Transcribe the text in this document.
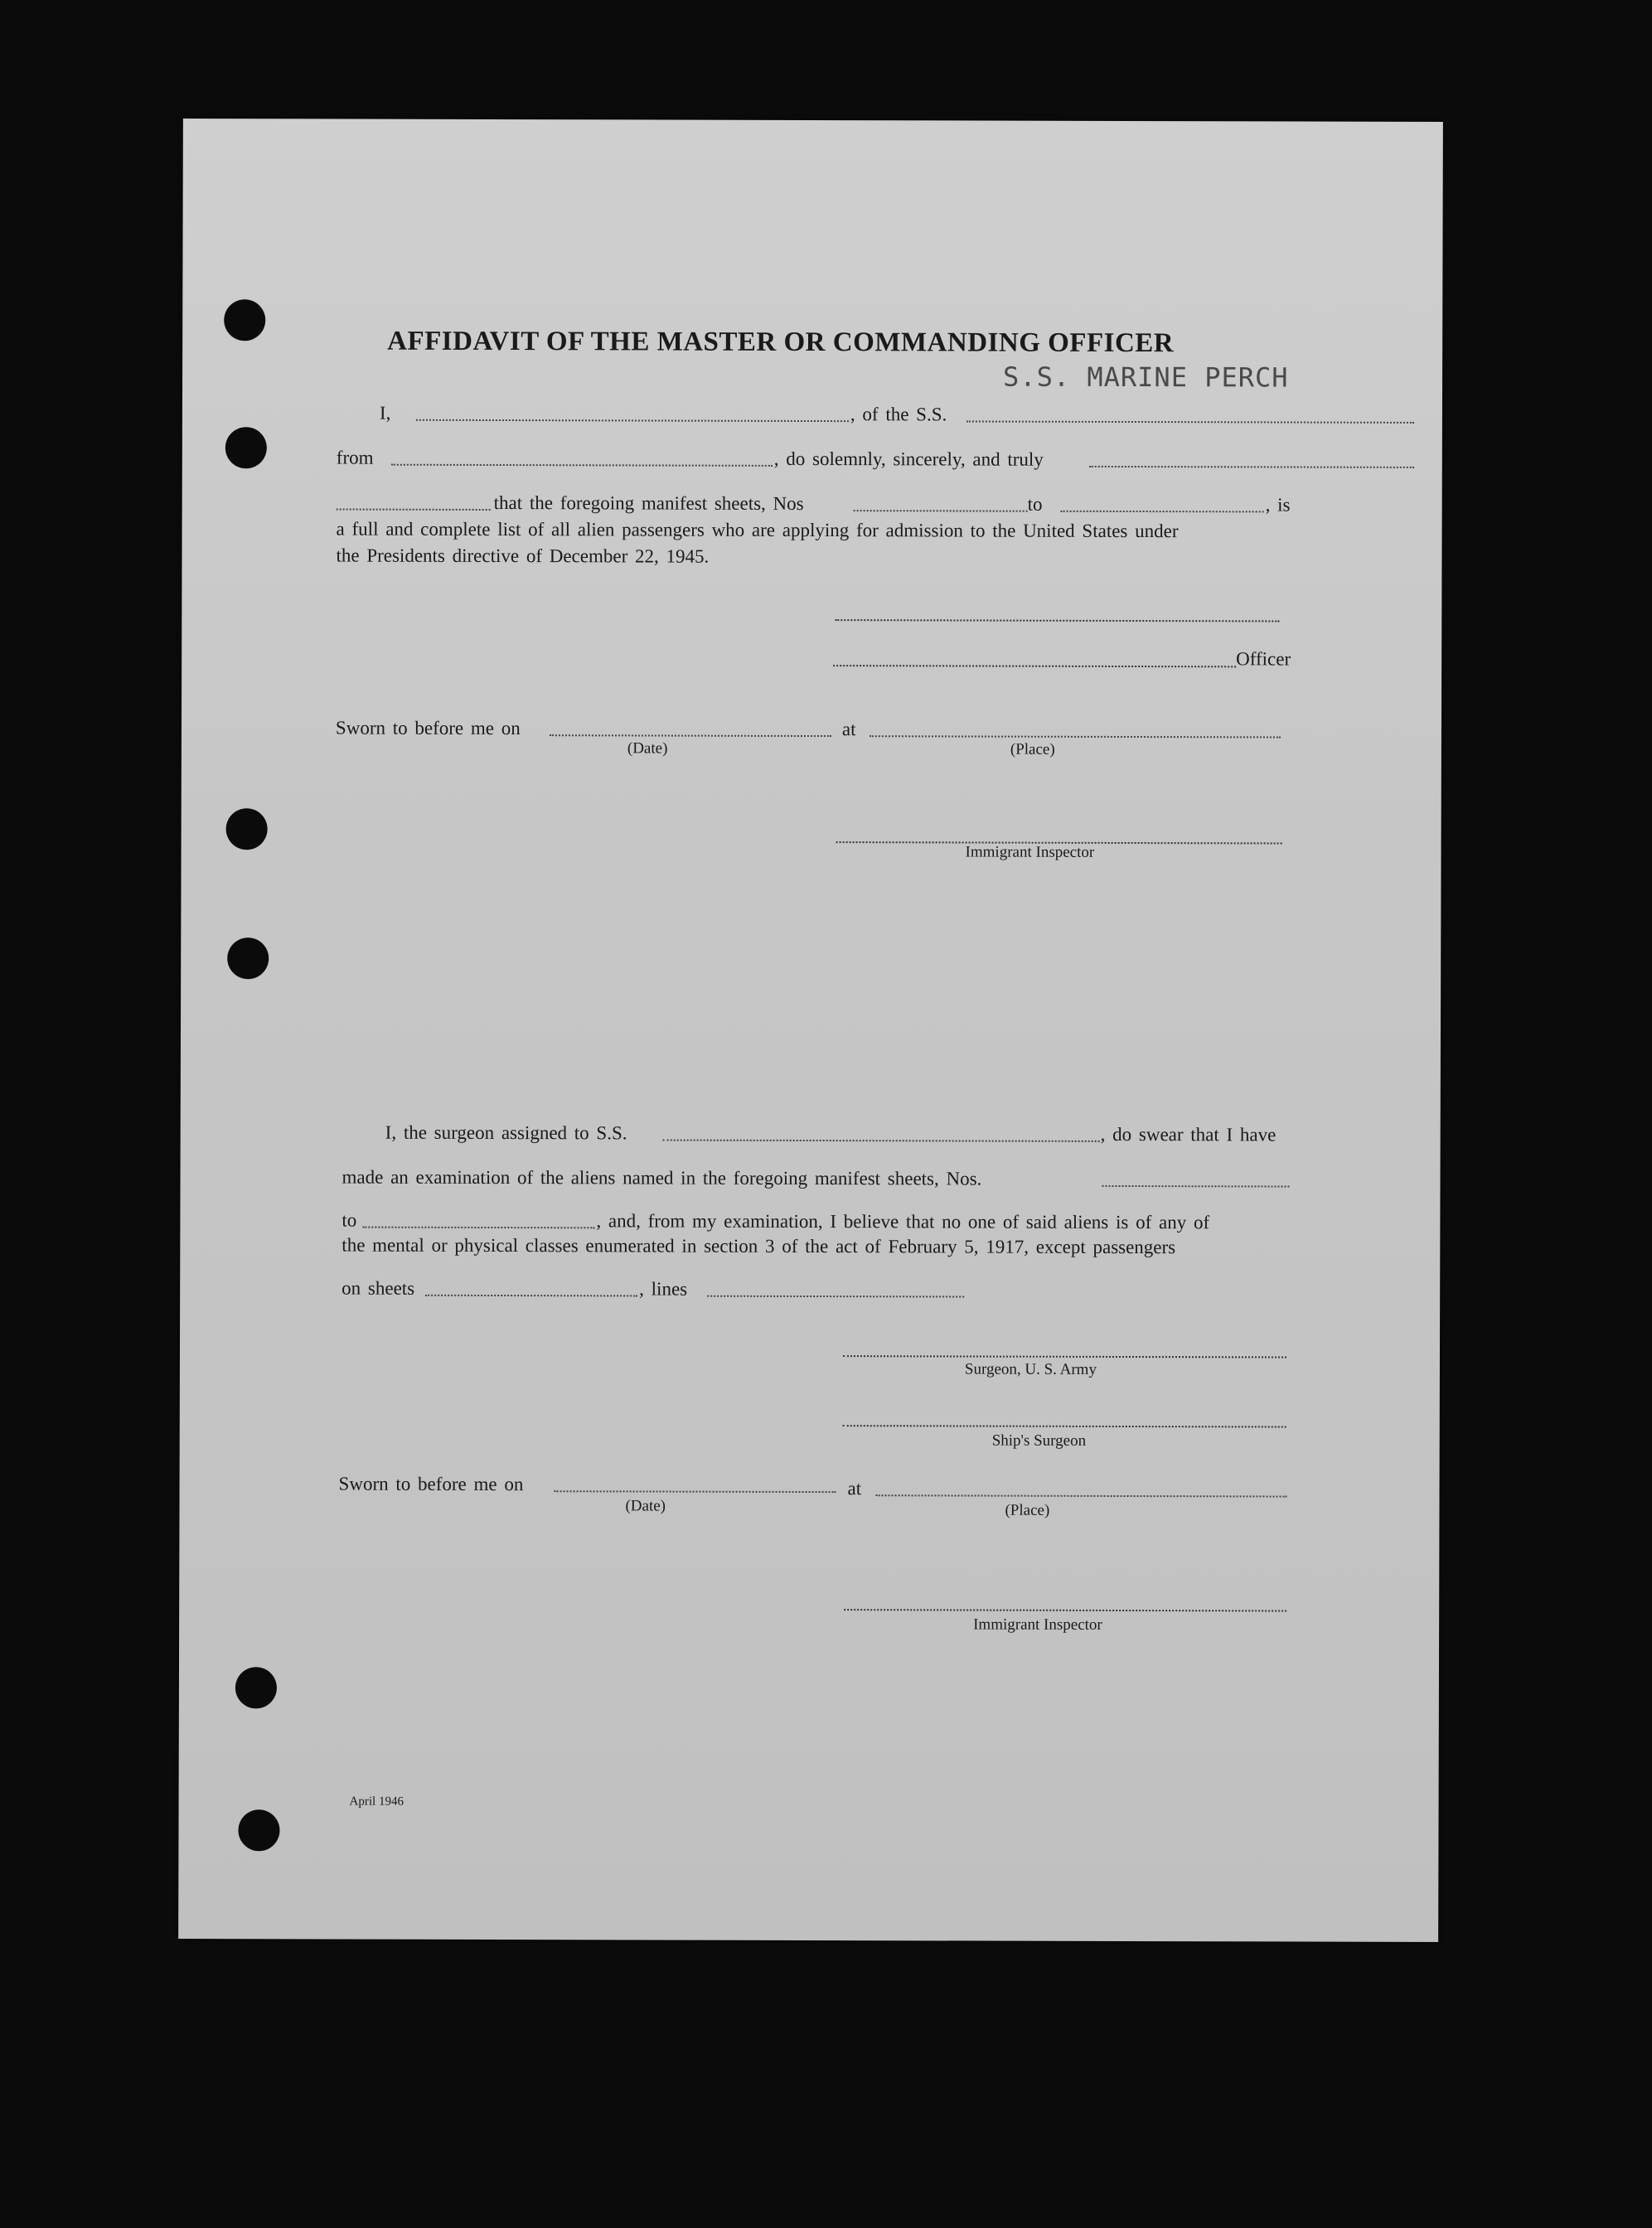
AFFIDAVIT OF THE MASTER OR COMMANDING OFFICER
S.S. MARINE PERCH
I,	, of the S.S.
from	, do solemnly, sincerely, and truly
that the foregoing manifest sheets, Nos	to	, is
a full and complete list of all alien passengers who are applying for admission to the United States under
the Presidents directive of December 22, 1945.
Officer
Sworn to before me on	at
(Date)	(Place)
Immigrant Inspector
I, the surgeon assigned to S.S.	, do swear that I have
made an examination of the aliens named in the foregoing manifest sheets, Nos.
to	, and, from my examination, I believe that no one of said aliens is of any of
the mental or physical classes enumerated in section 3 of the act of February 5, 1917, except passengers
on sheets	, lines
Surgeon, U. S. Army
Ship's Surgeon
Sworn to before me on	at
(Date)	(Place)
Immigrant Inspector
April 1946
